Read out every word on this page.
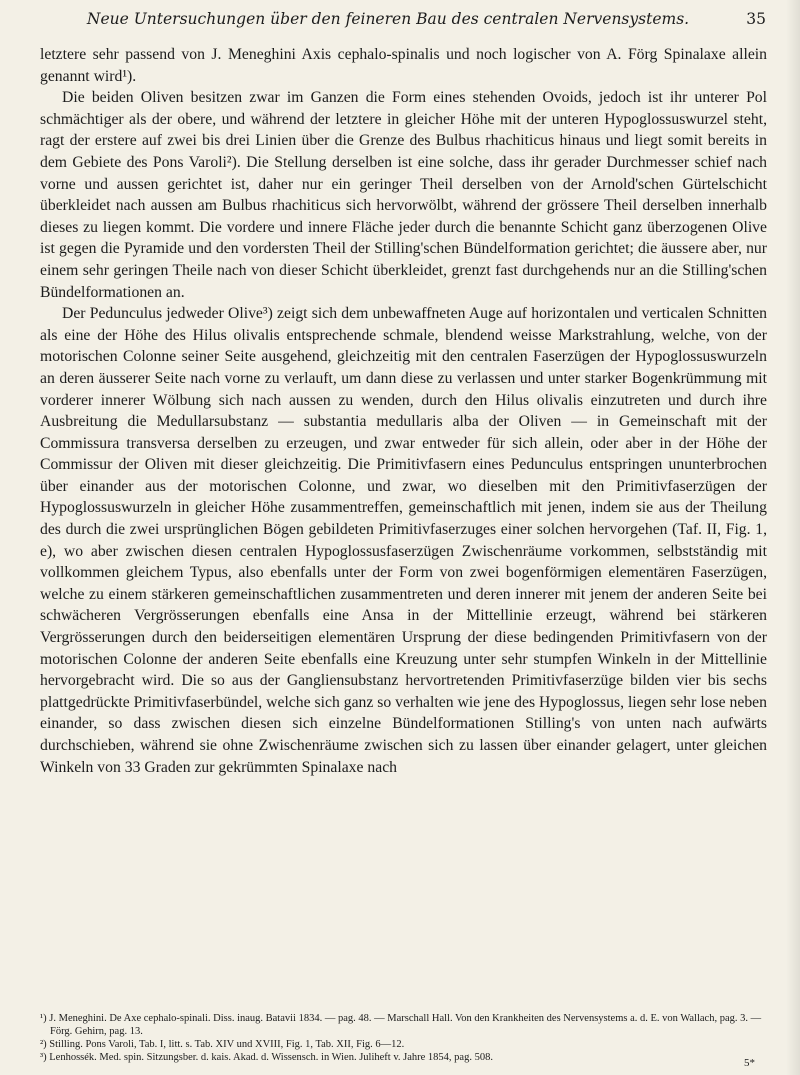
Neue Untersuchungen über den feineren Bau des centralen Nervensystems.	35

letztere sehr passend von J. Meneghini Axis cephalo-spinalis und noch logischer von A. Förg Spinalaxe allein genannt wird¹).

Die beiden Oliven besitzen zwar im Ganzen die Form eines stehenden Ovoids, jedoch ist ihr unterer Pol schmächtiger als der obere, und während der letztere in gleicher Höhe mit der unteren Hypoglossuswurzel steht, ragt der erstere auf zwei bis drei Linien über die Grenze des Bulbus rhachiticus hinaus und liegt somit bereits in dem Gebiete des Pons Varoli²). Die Stellung derselben ist eine solche, dass ihr gerader Durchmesser schief nach vorne und aussen gerichtet ist, daher nur ein geringer Theil derselben von der Arnold'schen Gürtelschicht überkleidet nach aussen am Bulbus rhachiticus sich hervorwölbt, während der grössere Theil derselben innerhalb dieses zu liegen kommt. Die vordere und innere Fläche jeder durch die benannte Schicht ganz überzogenen Olive ist gegen die Pyramide und den vordersten Theil der Stilling'schen Bündelformation gerichtet; die äussere aber, nur einem sehr geringen Theile nach von dieser Schicht überkleidet, grenzt fast durchgehends nur an die Stilling'schen Bündelformationen an.

Der Pedunculus jedweder Olive³) zeigt sich dem unbewaffneten Auge auf horizontalen und verticalen Schnitten als eine der Höhe des Hilus olivalis entsprechende schmale, blendend weisse Markstrahlung, welche, von der motorischen Colonne seiner Seite ausgehend, gleichzeitig mit den centralen Faserzügen der Hypoglossuswurzeln an deren äusserer Seite nach vorne zu verlauft, um dann diese zu verlassen und unter starker Bogenkrümmung mit vorderer innerer Wölbung sich nach aussen zu wenden, durch den Hilus olivalis einzutreten und durch ihre Ausbreitung die Medullarsubstanz — substantia medullaris alba der Oliven — in Gemeinschaft mit der Commissura transversa derselben zu erzeugen, und zwar entweder für sich allein, oder aber in der Höhe der Commissur der Oliven mit dieser gleichzeitig. Die Primitivfasern eines Pedunculus entspringen ununterbrochen über einander aus der motorischen Colonne, und zwar, wo dieselben mit den Primitivfaserzügen der Hypoglossuswurzeln in gleicher Höhe zusammentreffen, gemeinschaftlich mit jenen, indem sie aus der Theilung des durch die zwei ursprünglichen Bögen gebildeten Primitivfaserzuges einer solchen hervorgehen (Taf. II, Fig. 1, e), wo aber zwischen diesen centralen Hypoglossusfaserzügen Zwischenräume vorkommen, selbstständig mit vollkommen gleichem Typus, also ebenfalls unter der Form von zwei bogenförmigen elementären Faserzügen, welche zu einem stärkeren gemeinschaftlichen zusammentreten und deren innerer mit jenem der anderen Seite bei schwächeren Vergrösserungen ebenfalls eine Ansa in der Mittellinie erzeugt, während bei stärkeren Vergrösserungen durch den beiderseitigen elementären Ursprung der diese bedingenden Primitivfasern von der motorischen Colonne der anderen Seite ebenfalls eine Kreuzung unter sehr stumpfen Winkeln in der Mittellinie hervorgebracht wird. Die so aus der Gangliensubstanz hervortretenden Primitivfaserzüge bilden vier bis sechs plattgedrückte Primitivfaserbündel, welche sich ganz so verhalten wie jene des Hypoglossus, liegen sehr lose neben einander, so dass zwischen diesen sich einzelne Bündelformationen Stilling's von unten nach aufwärts durchschieben, während sie ohne Zwischenräume zwischen sich zu lassen über einander gelagert, unter gleichen Winkeln von 33 Graden zur gekrümmten Spinalaxe nach

¹) J. Meneghini. De Axe cephalo-spinali. Diss. inaug. Batavii 1834. — pag. 48. — Marschall Hall. Von den Krankheiten des Nervensystems a. d. E. von Wallach, pag. 3. — Förg. Gehirn, pag. 13.

²) Stilling. Pons Varoli, Tab. I, litt. s. Tab. XIV und XVIII, Fig. 1, Tab. XII, Fig. 6—12.

³) Lenhossék. Med. spin. Sitzungsber. d. kais. Akad. d. Wissensch. in Wien. Juliheft v. Jahre 1854, pag. 508.	5*
